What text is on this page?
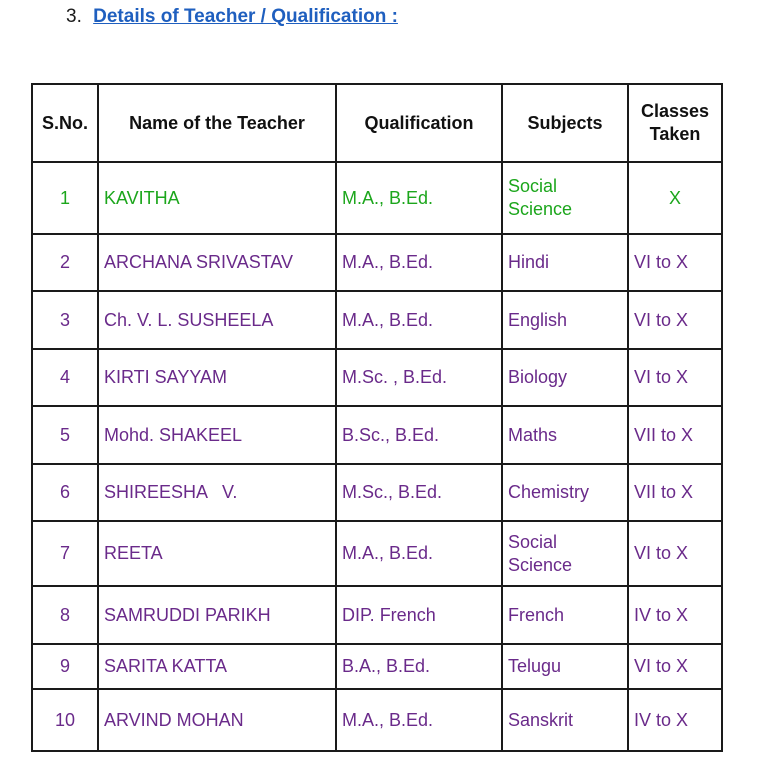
3. Details of Teacher / Qualification :
S.No.	Name of the Teacher	Qualification	Subjects	Classes Taken

1	KAVITHA	M.A., B.Ed.	Social Science	X
2	ARCHANA SRIVASTAV	M.A., B.Ed.	Hindi	VI to X
3	Ch. V. L. SUSHEELA	M.A., B.Ed.	English	VI to X
4	KIRTI SAYYAM	M.Sc. , B.Ed.	Biology	VI to X
5	Mohd. SHAKEEL	B.Sc., B.Ed.	Maths	VII to X
6	SHIREESHA   V.	M.Sc., B.Ed.	Chemistry	VII to X
7	REETA	M.A., B.Ed.	Social Science	VI to X
8	SAMRUDDI PARIKH	DIP. French	French	IV to X
9	SARITA KATTA	B.A., B.Ed.	Telugu	VI to X
10	ARVIND MOHAN	M.A., B.Ed.	Sanskrit	IV to X
